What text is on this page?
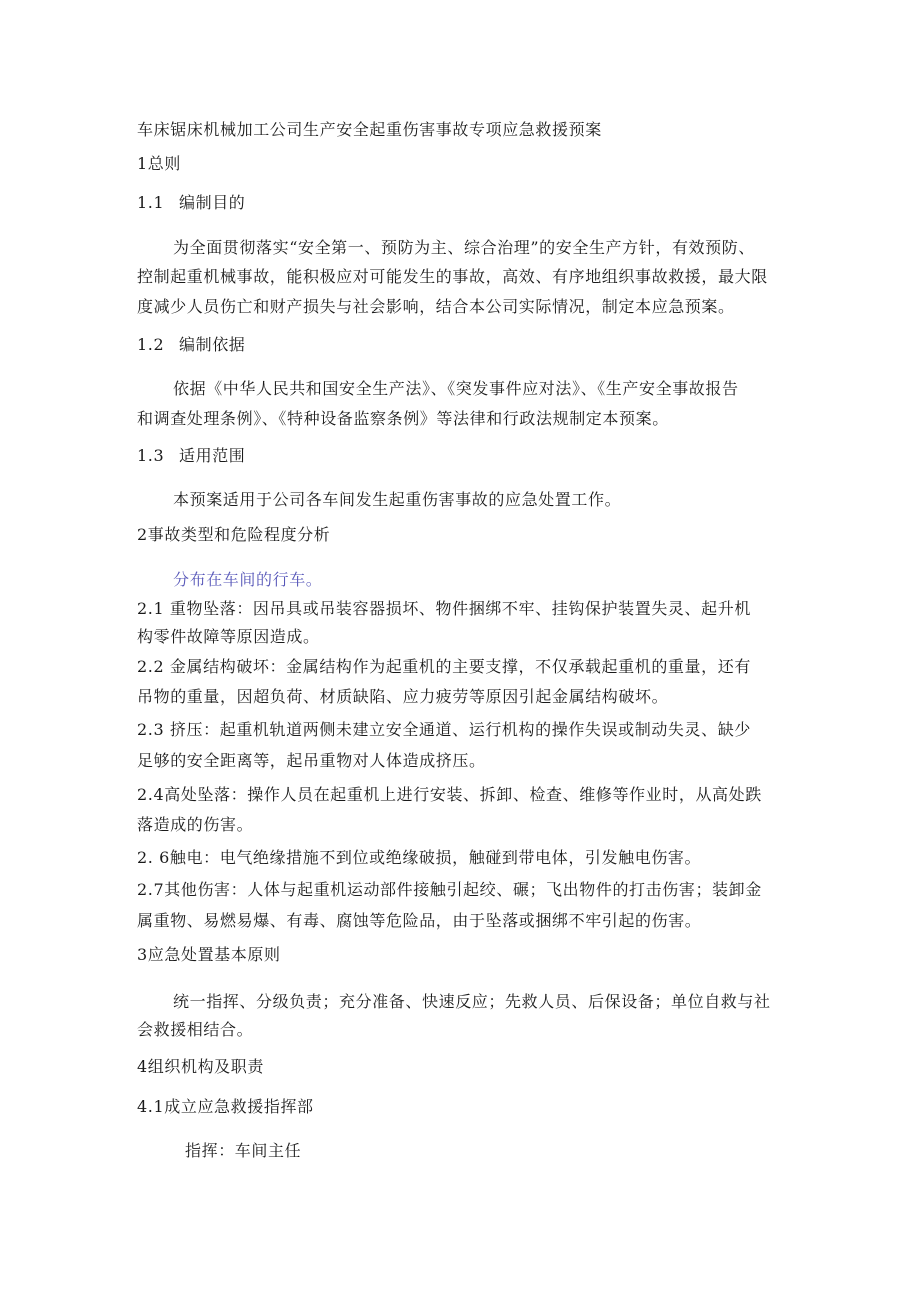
车床锯床机械加工公司生产安全起重伤害事故专项应急救援预案
1总则
1.1 编制目的
为全面贯彻落实“安全第一、预防为主、综合治理”的安全生产方针，有效预防、
控制起重机械事故，能积极应对可能发生的事故，高效、有序地组织事故救援，最大限
度减少人员伤亡和财产损失与社会影响，结合本公司实际情况，制定本应急预案。
1.2 编制依据
依据《中华人民共和国安全生产法》、《突发事件应对法》、《生产安全事故报告
和调查处理条例》、《特种设备监察条例》等法律和行政法规制定本预案。
1.3 适用范围
本预案适用于公司各车间发生起重伤害事故的应急处置工作。
2事故类型和危险程度分析
分布在车间的行车。
2.1 重物坠落：因吊具或吊装容器损坏、物件捆绑不牢、挂钩保护装置失灵、起升机
构零件故障等原因造成。
2.2 金属结构破坏：金属结构作为起重机的主要支撑，不仅承载起重机的重量，还有
吊物的重量，因超负荷、材质缺陷、应力疲劳等原因引起金属结构破坏。
2.3 挤压：起重机轨道两侧未建立安全通道、运行机构的操作失误或制动失灵、缺少
足够的安全距离等，起吊重物对人体造成挤压。
2.4高处坠落：操作人员在起重机上进行安装、拆卸、检查、维修等作业时，从高处跌
落造成的伤害。
2. 6触电：电气绝缘措施不到位或绝缘破损，触碰到带电体，引发触电伤害。
2.7其他伤害：人体与起重机运动部件接触引起绞、碾；飞出物件的打击伤害；装卸金
属重物、易燃易爆、有毒、腐蚀等危险品，由于坠落或捆绑不牢引起的伤害。
3应急处置基本原则
统一指挥、分级负责；充分准备、快速反应；先救人员、后保设备；单位自救与社
会救援相结合。
4组织机构及职责
4.1成立应急救援指挥部
指挥：车间主任
